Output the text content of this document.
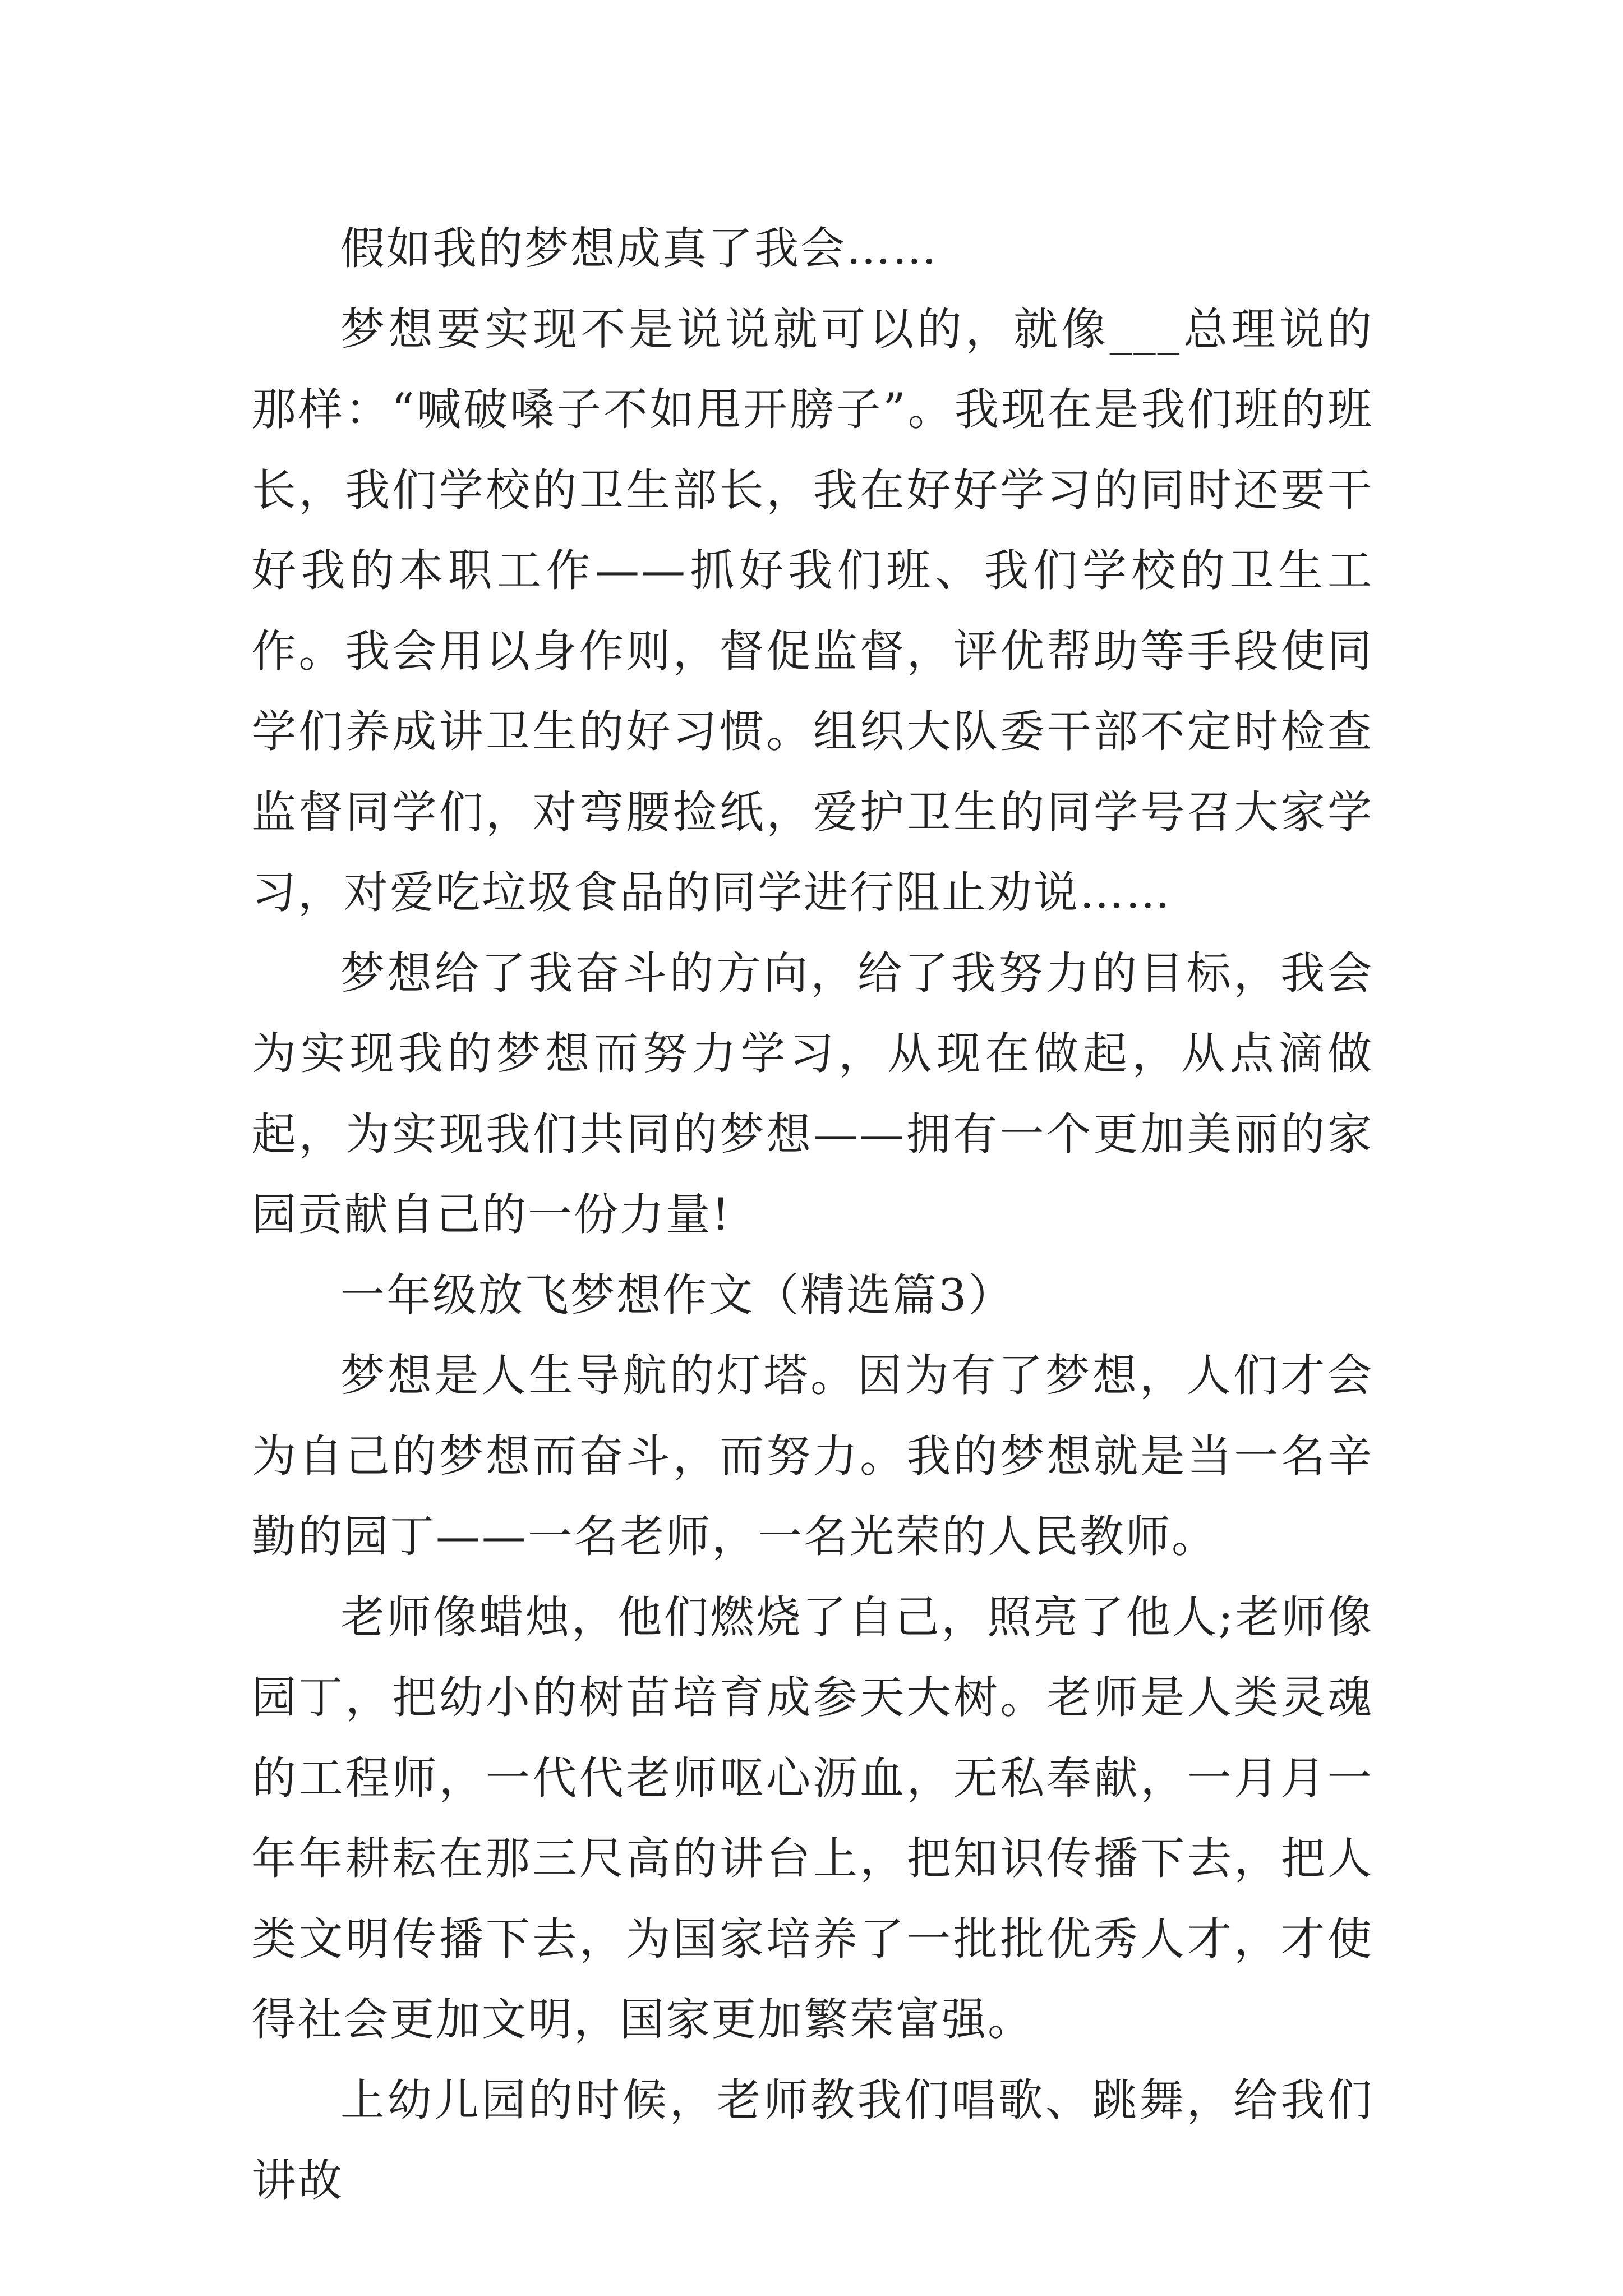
假如我的梦想成真了我会……

梦想要实现不是说说就可以的，就像___总理说的那样：“喊破嗓子不如甩开膀子”。我现在是我们班的班长，我们学校的卫生部长，我在好好学习的同时还要干好我的本职工作——抓好我们班、我们学校的卫生工作。我会用以身作则，督促监督，评优帮助等手段使同学们养成讲卫生的好习惯。组织大队委干部不定时检查监督同学们，对弯腰捡纸，爱护卫生的同学号召大家学习，对爱吃垃圾食品的同学进行阻止劝说……

梦想给了我奋斗的方向，给了我努力的目标，我会为实现我的梦想而努力学习，从现在做起，从点滴做起，为实现我们共同的梦想——拥有一个更加美丽的家园贡献自己的一份力量!

一年级放飞梦想作文（精选篇3）

梦想是人生导航的灯塔。因为有了梦想，人们才会为自己的梦想而奋斗，而努力。我的梦想就是当一名辛勤的园丁——一名老师，一名光荣的人民教师。

老师像蜡烛，他们燃烧了自己，照亮了他人;老师像园丁，把幼小的树苗培育成参天大树。老师是人类灵魂的工程师，一代代老师呕心沥血，无私奉献，一月月一年年耕耘在那三尺高的讲台上，把知识传播下去，把人类文明传播下去，为国家培养了一批批优秀人才，才使得社会更加文明，国家更加繁荣富强。

上幼儿园的时候，老师教我们唱歌、跳舞，给我们讲故
